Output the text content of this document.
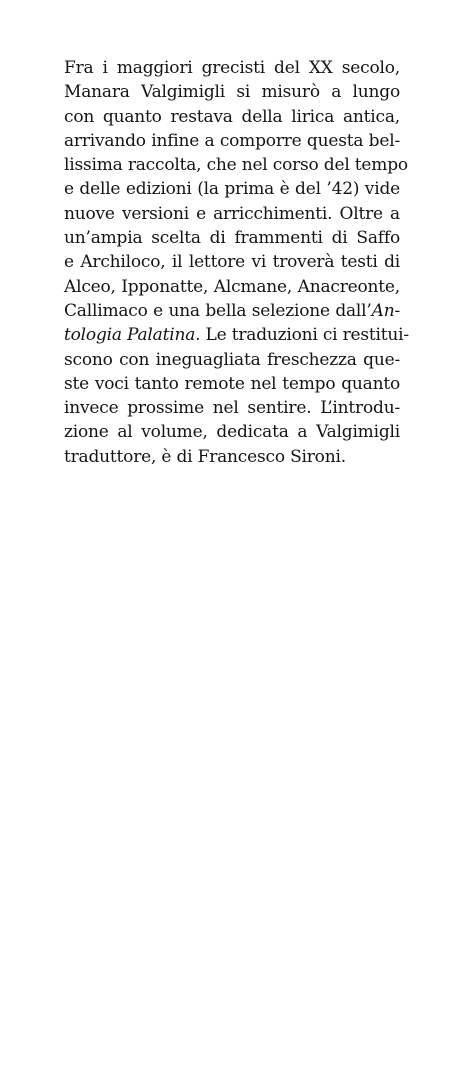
Fra i maggiori grecisti del XX secolo,
Manara Valgimigli si misurò a lungo
con quanto restava della lirica antica,
arrivando infine a comporre questa bel-
lissima raccolta, che nel corso del tempo
e delle edizioni (la prima è del ’42) vide
nuove versioni e arricchimenti. Oltre a
un’ampia scelta di frammenti di Saffo
e Archiloco, il lettore vi troverà testi di
Alceo, Ipponatte, Alcmane, Anacreonte,
Callimaco e una bella selezione dall’An-
tologia Palatina. Le traduzioni ci restitui-
scono con ineguagliata freschezza que-
ste voci tanto remote nel tempo quanto
invece prossime nel sentire. L’introdu-
zione al volume, dedicata a Valgimigli
traduttore, è di Francesco Sironi.
